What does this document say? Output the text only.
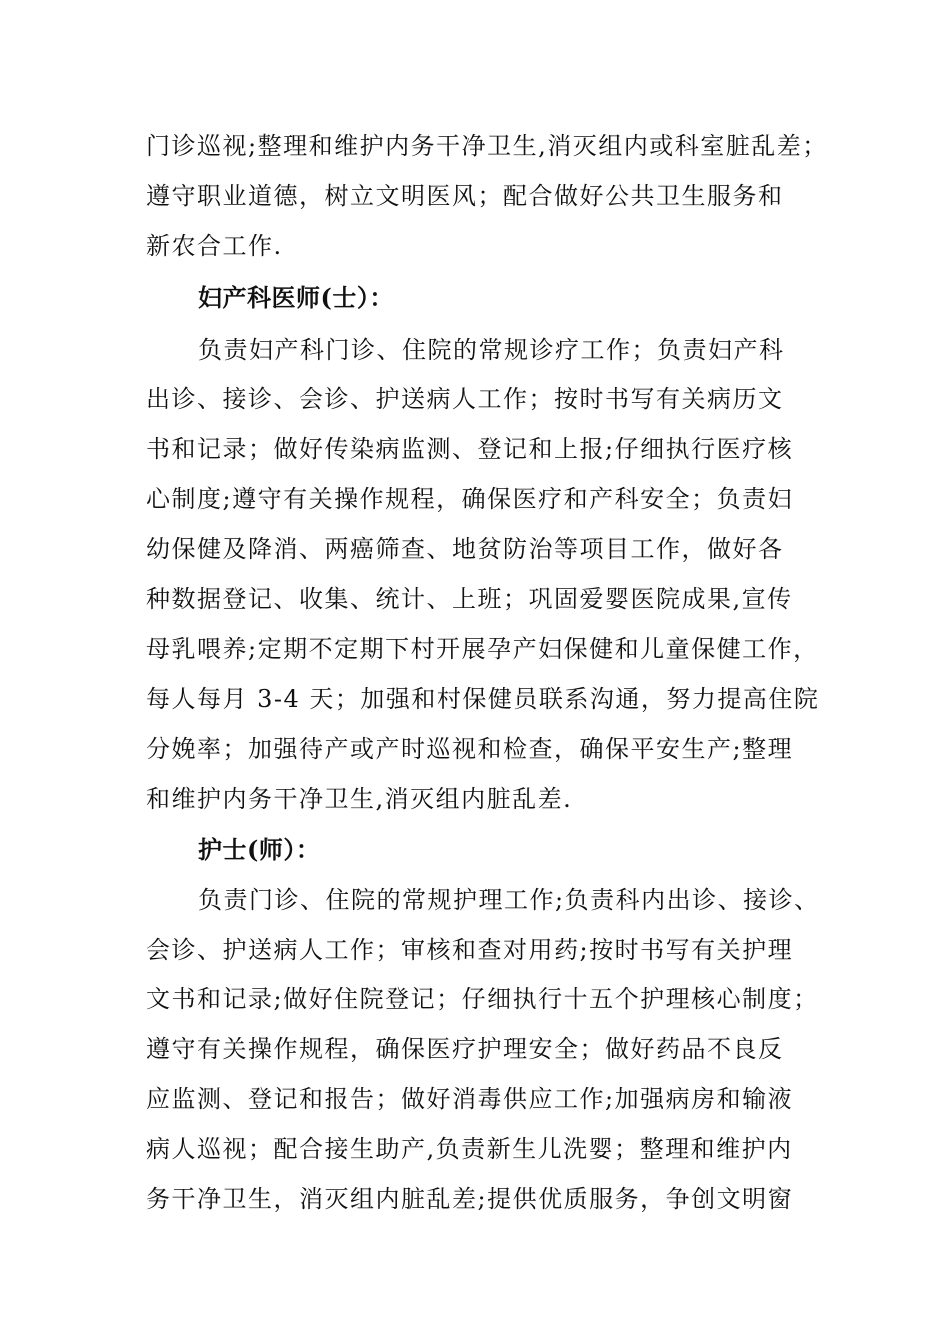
门诊巡视;整理和维护内务干净卫生,消灭组内或科室脏乱差；
遵守职业道德，树立文明医风；配合做好公共卫生服务和
新农合工作.
妇产科医师(士）：
负责妇产科门诊、住院的常规诊疗工作；负责妇产科
出诊、接诊、会诊、护送病人工作；按时书写有关病历文
书和记录；做好传染病监测、登记和上报;仔细执行医疗核
心制度;遵守有关操作规程，确保医疗和产科安全；负责妇
幼保健及降消、两癌筛查、地贫防治等项目工作，做好各
种数据登记、收集、统计、上班；巩固爱婴医院成果,宣传
母乳喂养;定期不定期下村开展孕产妇保健和儿童保健工作，
每人每月 3-4 天；加强和村保健员联系沟通，努力提高住院
分娩率；加强待产或产时巡视和检查，确保平安生产;整理
和维护内务干净卫生,消灭组内脏乱差.
护士(师）：
负责门诊、住院的常规护理工作;负责科内出诊、接诊、
会诊、护送病人工作；审核和查对用药;按时书写有关护理
文书和记录;做好住院登记；仔细执行十五个护理核心制度；
遵守有关操作规程，确保医疗护理安全；做好药品不良反
应监测、登记和报告；做好消毒供应工作;加强病房和输液
病人巡视；配合接生助产,负责新生儿洗婴；整理和维护内
务干净卫生，消灭组内脏乱差;提供优质服务，争创文明窗
